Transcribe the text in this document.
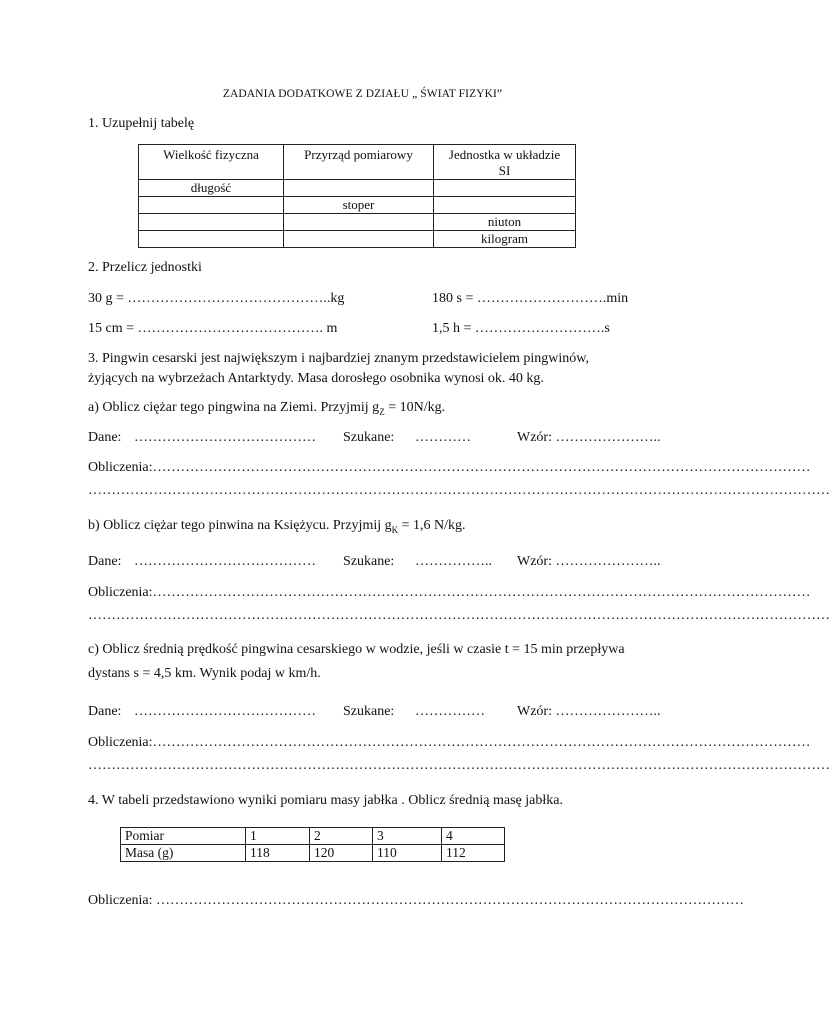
ZADANIA DODATKOWE Z DZIAŁU „ ŚWIAT FIZYKI”
1. Uzupełnij tabelę
Wielkość fizyczna	Przyrząd pomiarowy	Jednostka w układzie
SI
długość		
	stoper	
		niuton
		kilogram
2. Przelicz jednostki
30 g = ……………………………………..kg	180 s = ……………………….min
15 cm = …………………………………. m	1,5 h = ……………………….s
3. Pingwin cesarski jest największym i najbardziej znanym przedstawicielem pingwinów,
żyjących na wybrzeżach Antarktydy. Masa dorosłego osobnika wynosi ok. 40 kg.
a) Oblicz ciężar tego pingwina na Ziemi. Przyjmij $g_Z = 10N/kg$.
Dane: ………………………………… Szukane: …………	Wzór: …………………..
Obliczenia:……………………………………………………………………………………………………………………………
……………………………………………………………………………………………………………………………………………
b) Oblicz ciężar tego pinwina na Księżycu. Przyjmij $g_K = 1,6$ N/kg.
Dane: ………………………………… Szukane: …………….. Wzór: …………………..
Obliczenia:……………………………………………………………………………………………………………………………
……………………………………………………………………………………………………………………………………………
c) Oblicz średnią prędkość pingwina cesarskiego w wodzie, jeśli w czasie t = 15 min przepływa
dystans s = 4,5 km. Wynik podaj w km/h.
Dane: ………………………………… Szukane: …………… Wzór: …………………..
Obliczenia:……………………………………………………………………………………………………………………………
……………………………………………………………………………………………………………………………………………
4. W tabeli przedstawiono wyniki pomiaru masy jabłka . Oblicz średnią masę jabłka.
Pomiar	1	2	3	4
Masa (g)	118	120	110	112
Obliczenia: ………………………………………………………………………………………………………………
